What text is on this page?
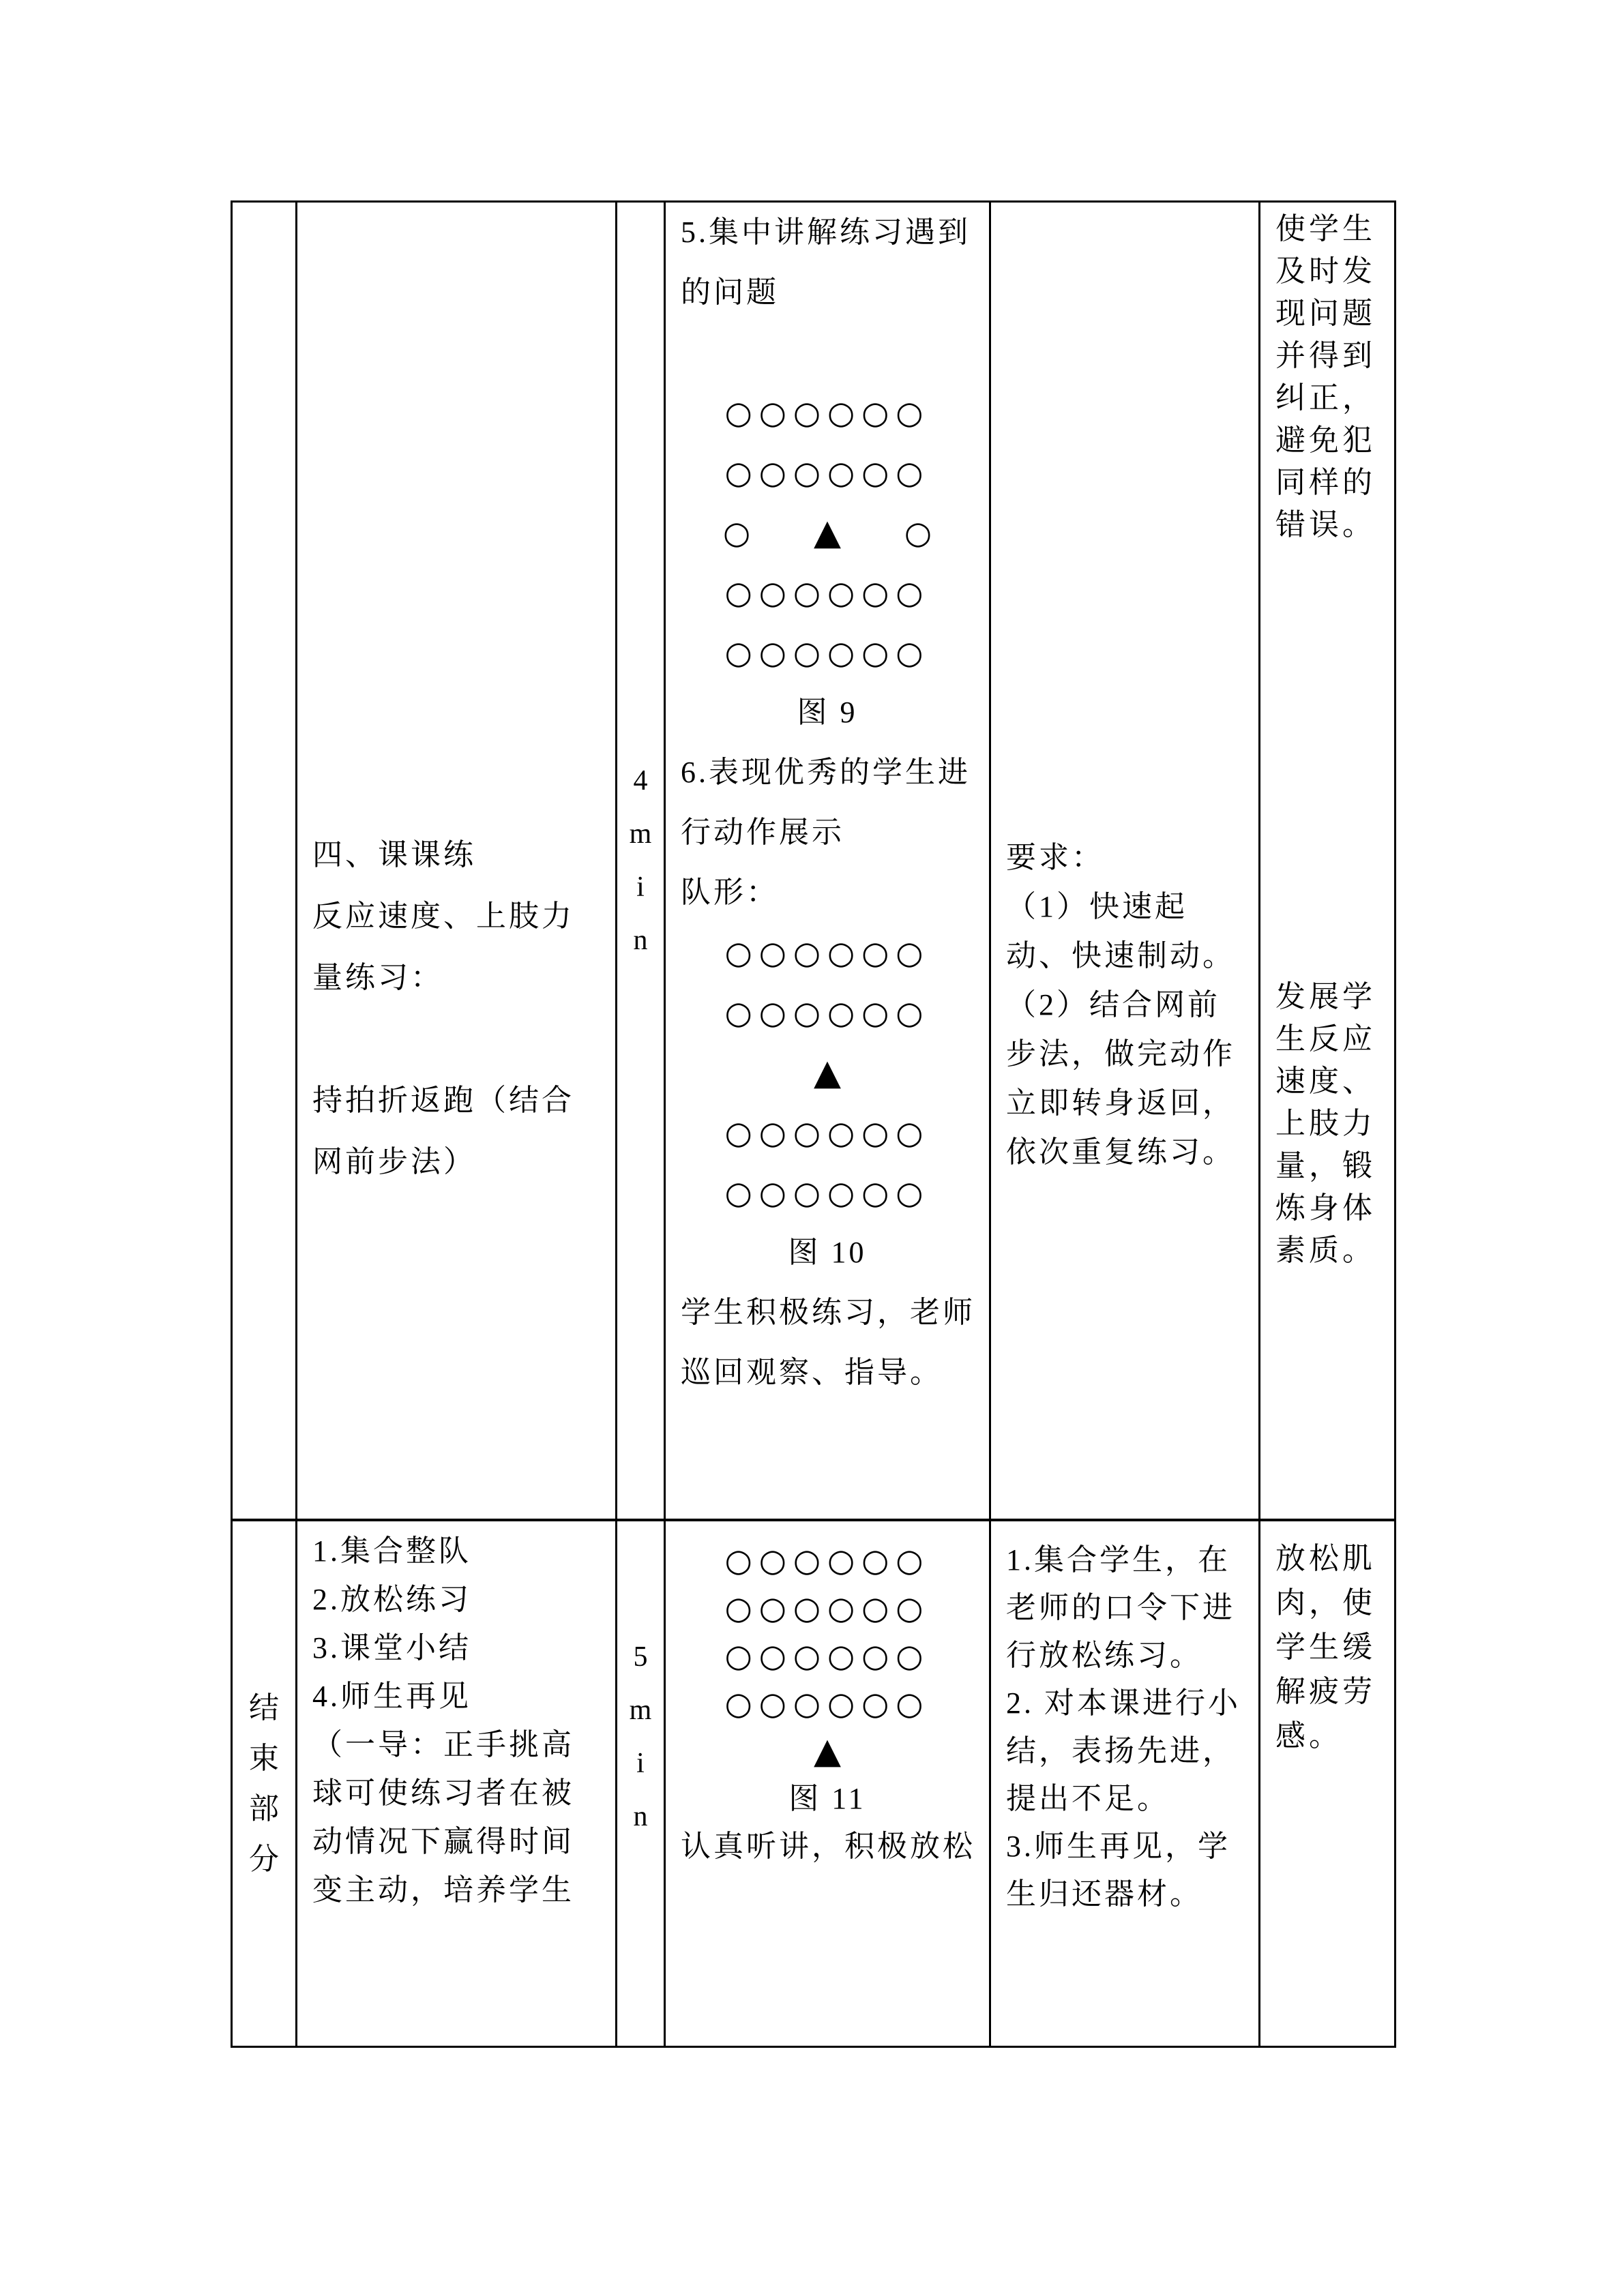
四、课课练
反应速度、上肢力
量练习：
持拍折返跑（结合
网前步法）
4
m
i
n
5.集中讲解练习遇到
的问题
○○○○○○
○○○○○○
○ ▲ ○
○○○○○○
○○○○○○
图 9
6.表现优秀的学生进
行动作展示
队形：
○○○○○○
○○○○○○
▲
○○○○○○
○○○○○○
图 10
学生积极练习，老师
巡回观察、指导。
要求：
（1）快速起
动、快速制动。
（2）结合网前
步法，做完动作
立即转身返回，
依次重复练习。
使学生
及时发
现问题
并得到
纠正，
避免犯
同样的
错误。
发展学
生反应
速度、
上肢力
量，锻
炼身体
素质。
结
束
部
分
1.集合整队
2.放松练习
3.课堂小结
4.师生再见
（一导：正手挑高
球可使练习者在被
动情况下赢得时间
变主动，培养学生
5
m
i
n
○○○○○○
○○○○○○
○○○○○○
○○○○○○
▲
图 11
认真听讲，积极放松
1.集合学生，在
老师的口令下进
行放松练习。
2. 对本课进行小
结，表扬先进，
提出不足。
3.师生再见，学
生归还器材。
放松肌
肉，使
学生缓
解疲劳
感。
